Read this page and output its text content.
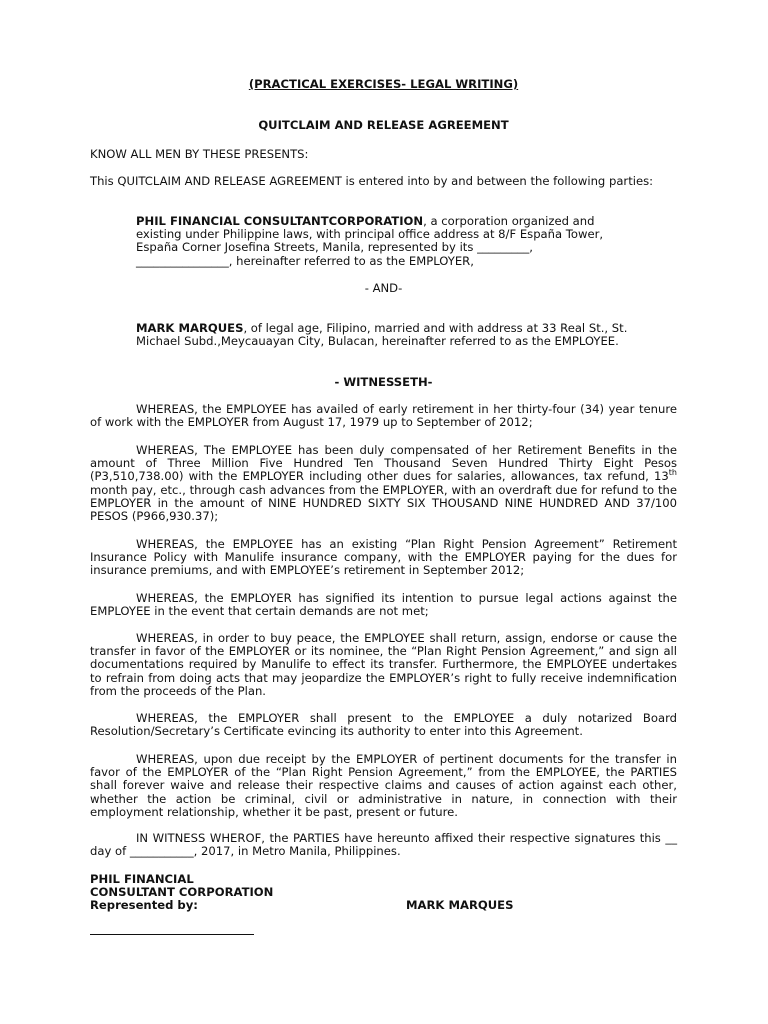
(PRACTICAL EXERCISES- LEGAL WRITING)

QUITCLAIM AND RELEASE AGREEMENT

KNOW ALL MEN BY THESE PRESENTS:

This QUITCLAIM AND RELEASE AGREEMENT is entered into by and between the following parties:

PHIL FINANCIAL CONSULTANTCORPORATION, a corporation organized and existing under Philippine laws, with principal office address at 8/F España Tower, España Corner Josefina Streets, Manila, represented by its _________, ________________, hereinafter referred to as the EMPLOYER,

- AND-

MARK MARQUES, of legal age, Filipino, married and with address at 33 Real St., St. Michael Subd.,Meycauayan City, Bulacan, hereinafter referred to as the EMPLOYEE.

- WITNESSETH-

WHEREAS, the EMPLOYEE has availed of early retirement in her thirty-four (34) year tenure of work with the EMPLOYER from August 17, 1979 up to September of 2012;

WHEREAS, The EMPLOYEE has been duly compensated of her Retirement Benefits in the amount of Three Million Five Hundred Ten Thousand Seven Hundred Thirty Eight Pesos (P3,510,738.00) with the EMPLOYER including other dues for salaries, allowances, tax refund, 13th month pay, etc., through cash advances from the EMPLOYER, with an overdraft due for refund to the EMPLOYER in the amount of NINE HUNDRED SIXTY SIX THOUSAND NINE HUNDRED AND 37/100 PESOS (P966,930.37);

WHEREAS, the EMPLOYEE has an existing “Plan Right Pension Agreement” Retirement Insurance Policy with Manulife insurance company, with the EMPLOYER paying for the dues for insurance premiums, and with EMPLOYEE’s retirement in September 2012;

WHEREAS, the EMPLOYER has signified its intention to pursue legal actions against the EMPLOYEE in the event that certain demands are not met;

WHEREAS, in order to buy peace, the EMPLOYEE shall return, assign, endorse or cause the transfer in favor of the EMPLOYER or its nominee, the “Plan Right Pension Agreement,” and sign all documentations required by Manulife to effect its transfer. Furthermore, the EMPLOYEE undertakes to refrain from doing acts that may jeopardize the EMPLOYER’s right to fully receive indemnification from the proceeds of the Plan.

WHEREAS, the EMPLOYER shall present to the EMPLOYEE a duly notarized Board Resolution/Secretary’s Certificate evincing its authority to enter into this Agreement.

WHEREAS, upon due receipt by the EMPLOYER of pertinent documents for the transfer in favor of the EMPLOYER of the “Plan Right Pension Agreement,” from the EMPLOYEE, the PARTIES shall forever waive and release their respective claims and causes of action against each other, whether the action be criminal, civil or administrative in nature, in connection with their employment relationship, whether it be past, present or future.

IN WITNESS WHEROF, the PARTIES have hereunto affixed their respective signatures this __ day of ___________, 2017, in Metro Manila, Philippines.

PHIL FINANCIAL
CONSULTANT CORPORATION
Represented by:	MARK MARQUES
